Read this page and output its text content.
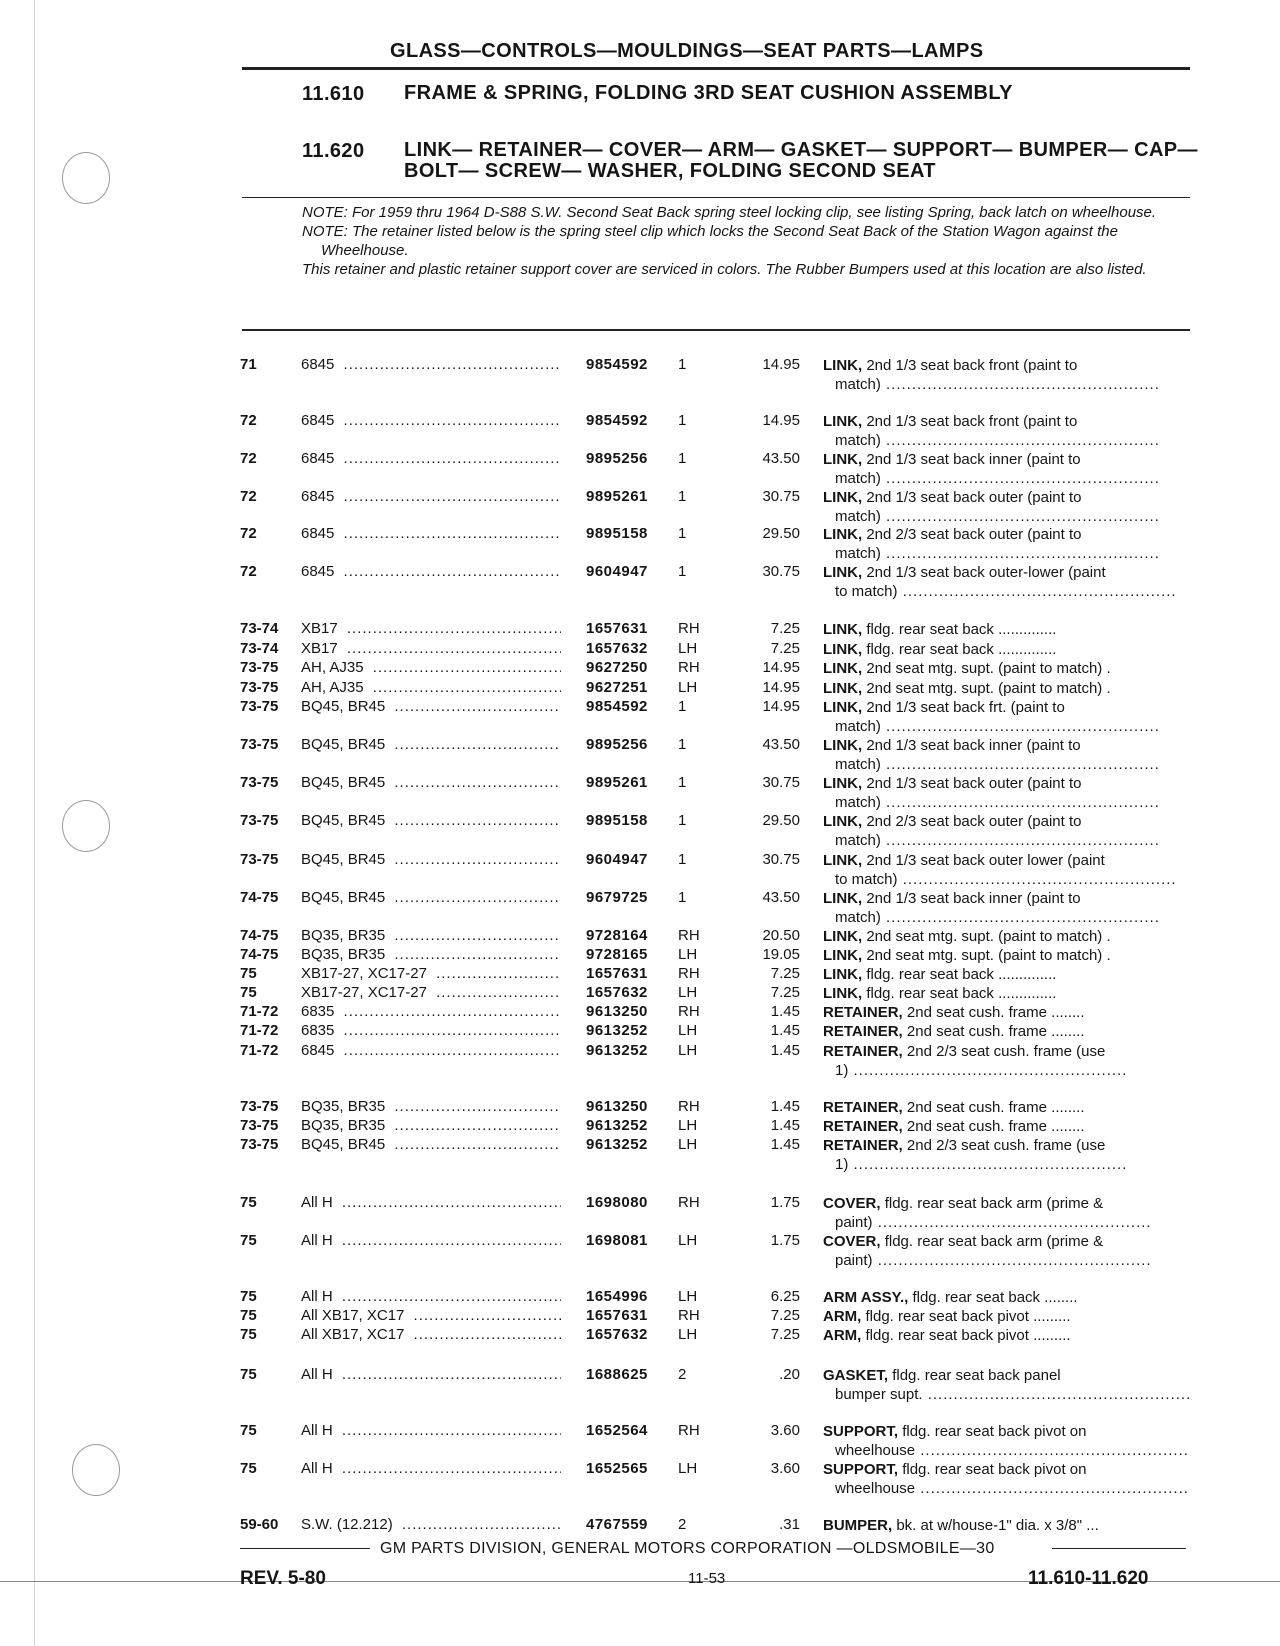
GLASS—CONTROLS—MOULDINGS—SEAT PARTS—LAMPS
11.610	FRAME & SPRING, FOLDING 3RD SEAT CUSHION ASSEMBLY
11.620	LINK— RETAINER— COVER— ARM— GASKET— SUPPORT— BUMPER— CAP— BOLT— SCREW— WASHER, FOLDING SECOND SEAT

NOTE: For 1959 thru 1964 D-S88 S.W. Second Seat Back spring steel locking clip, see listing Spring, back latch on wheelhouse.

NOTE: The retainer listed below is the spring steel clip which locks the Second Seat Back of the Station Wagon against the Wheelhouse.

This retainer and plastic retainer support cover are serviced in colors. The Rubber Bumpers used at this location are also listed.

71	6845 .....	9854592	1	14.95 LINK, 2nd 1/3 seat back front (paint to
match) .....
72	6845 .....	9854592	1	14.95 LINK, 2nd 1/3 seat back front (paint to
match) .....
72	6845 .....	9895256	1	43.50 LINK, 2nd 1/3 seat back inner (paint to
match) .....
72	6845 .....	9895261	1	30.75 LINK, 2nd 1/3 seat back outer (paint to
match) .....
72	6845 .....	9895158	1	29.50 LINK, 2nd 2/3 seat back outer (paint to
match) .....
72	6845 .....	9604947	1	30.75 LINK, 2nd 1/3 seat back outer-lower (paint
to match) .....
73-74	XB17 .....	1657631	RH	7.25 LINK, fldg. rear seat back ..............
73-74	XB17 .....	1657632	LH	7.25 LINK, fldg. rear seat back ..............
73-75	AH, AJ35 .....	9627250	RH	14.95 LINK, 2nd seat mtg. supt. (paint to match) .
73-75	AH, AJ35 .....	9627251	LH	14.95 LINK, 2nd seat mtg. supt. (paint to match) .
73-75	BQ45, BR45 .....	9854592	1	14.95 LINK, 2nd 1/3 seat back frt. (paint to
match) .....
73-75	BQ45, BR45 .....	9895256	1	43.50 LINK, 2nd 1/3 seat back inner (paint to
match) .....
73-75	BQ45, BR45 .....	9895261	1	30.75 LINK, 2nd 1/3 seat back outer (paint to
match) .....
73-75	BQ45, BR45 .....	9895158	1	29.50 LINK, 2nd 2/3 seat back outer (paint to
match) .....
73-75	BQ45, BR45 .....	9604947	1	30.75 LINK, 2nd 1/3 seat back outer lower (paint
to match) .....
74-75	BQ45, BR45 .....	9679725	1	43.50 LINK, 2nd 1/3 seat back inner (paint to
match) .....
74-75	BQ35, BR35 .....	9728164	RH	20.50 LINK, 2nd seat mtg. supt. (paint to match) .
74-75	BQ35, BR35 .....	9728165	LH	19.05 LINK, 2nd seat mtg. supt. (paint to match) .
75	XB17-27, XC17-27 .....	1657631	RH	7.25 LINK, fldg. rear seat back ..............
75	XB17-27, XC17-27 .....	1657632	LH	7.25 LINK, fldg. rear seat back ..............
71-72	6835 .....	9613250	RH	1.45 RETAINER, 2nd seat cush. frame ........
71-72	6835 .....	9613252	LH	1.45 RETAINER, 2nd seat cush. frame ........
71-72	6845 .....	9613252	LH	1.45 RETAINER, 2nd 2/3 seat cush. frame (use
1) .....
73-75	BQ35, BR35 .....	9613250	RH	1.45 RETAINER, 2nd seat cush. frame ........
73-75	BQ35, BR35 .....	9613252	LH	1.45 RETAINER, 2nd seat cush. frame ........
73-75	BQ45, BR45 .....	9613252	LH	1.45 RETAINER, 2nd 2/3 seat cush. frame (use
1) .....
75	All H .....	1698080	RH	1.75 COVER, fldg. rear seat back arm (prime &
paint) .....
75	All H .....	1698081	LH	1.75 COVER, fldg. rear seat back arm (prime &
paint) .....
75	All H .....	1654996	LH	6.25 ARM ASSY., fldg. rear seat back ........
75	All XB17, XC17 .....	1657631	RH	7.25 ARM, fldg. rear seat back pivot .........
75	All XB17, XC17 .....	1657632	LH	7.25 ARM, fldg. rear seat back pivot .........
75	All H .....	1688625	2	.20 GASKET, fldg. rear seat back panel
bumper supt. .....
75	All H .....	1652564	RH	3.60 SUPPORT, fldg. rear seat back pivot on
wheelhouse .....
75	All H .....	1652565	LH	3.60 SUPPORT, fldg. rear seat back pivot on
wheelhouse .....
59-60	S.W. (12.212) .....	4767559	2	.31 BUMPER, bk. at w/house-1" dia. x 3/8" ...
GM PARTS DIVISION, GENERAL MOTORS CORPORATION —OLDSMOBILE—30
REV. 5-80	11-53	11.610-11.620
